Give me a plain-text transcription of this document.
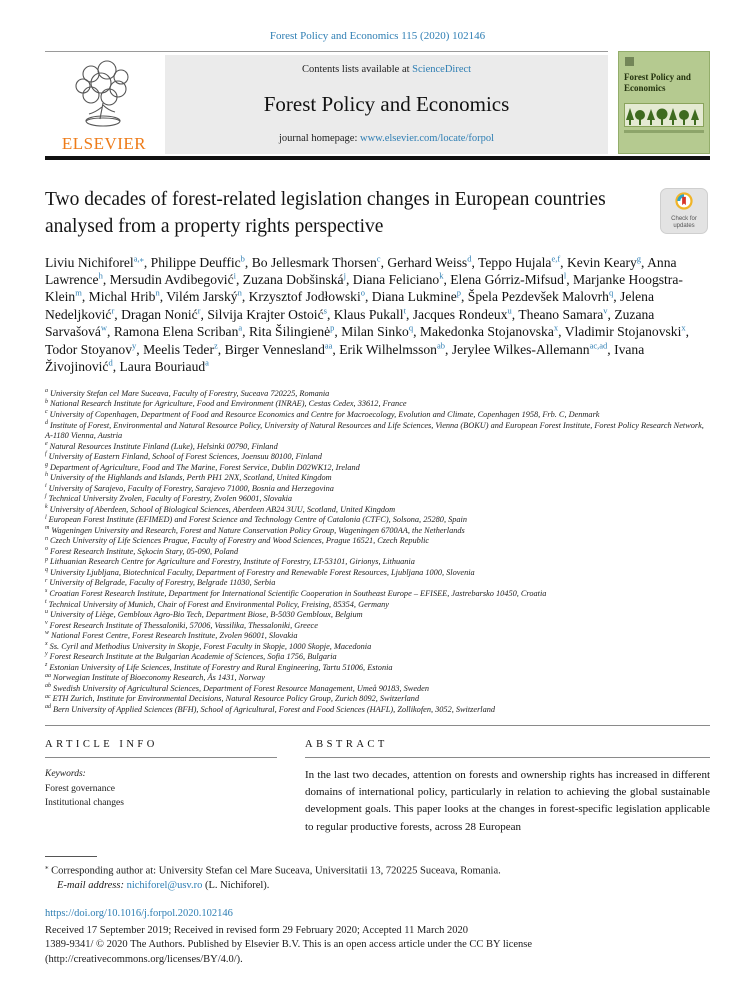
Forest Policy and Economics 115 (2020) 102146
ELSEVIER
Contents lists available at ScienceDirect
Forest Policy and Economics
journal homepage: www.elsevier.com/locate/forpol
Forest Policy and Economics
Two decades of forest-related legislation changes in European countries analysed from a property rights perspective	Check for updates

Liviu Nichiforel$^{a,⁎}$, Philippe Deuffic$^b$, Bo Jellesmark Thorsen$^c$, Gerhard Weiss$^d$, Teppo Hujala$^{e,f}$, Kevin Keary$^g$, Anna Lawrence$^h$, Mersudin Avdibegović$^i$, Zuzana Dobšinská$^j$, Diana Feliciano$^k$, Elena Górriz-Mifsud$^l$, Marjanke Hoogstra-Klein$^m$, Michal Hrib$^n$, Vilém Jarský$^n$, Krzysztof Jodłowski$^o$, Diana Lukmine$^p$, Špela Pezdevšek Malovrh$^q$, Jelena Nedeljković$^r$, Dragan Nonić$^r$, Silvija Krajter Ostoić$^s$, Klaus Pukall$^t$, Jacques Rondeux$^u$, Theano Samara$^v$, Zuzana Sarvašová$^w$, Ramona Elena Scriban$^a$, Rita Šilingienė$^p$, Milan Sinko$^q$, Makedonka Stojanovska$^x$, Vladimir Stojanovski$^x$, Todor Stoyanov$^y$, Meelis Teder$^z$, Birger Vennesland$^{aa}$, Erik Wilhelmsson$^{ab}$, Jerylee Wilkes-Allemann$^{ac,ad}$, Ivana Živojinović$^d$, Laura Bouriaud$^a$

$^a$ University Stefan cel Mare Suceava, Faculty of Forestry, Suceava 720225, Romania
$^b$ National Research Institute for Agriculture, Food and Environment (INRAE), Cestas Cedex, 33612, France
$^c$ University of Copenhagen, Department of Food and Resource Economics and Centre for Macroecology, Evolution and Climate, Copenhagen 1958, Frb. C, Denmark
$^d$ Institute of Forest, Environmental and Natural Resource Policy, University of Natural Resources and Life Sciences, Vienna (BOKU) and European Forest Institute, Forest Policy Research Network, A-1180 Vienna, Austria
$^e$ Natural Resources Institute Finland (Luke), Helsinki 00790, Finland
$^f$ University of Eastern Finland, School of Forest Sciences, Joensuu 80100, Finland
$^g$ Department of Agriculture, Food and The Marine, Forest Service, Dublin D02WK12, Ireland
$^h$ University of the Highlands and Islands, Perth PH1 2NX, Scotland, United Kingdom
$^i$ University of Sarajevo, Faculty of Forestry, Sarajevo 71000, Bosnia and Herzegovina
$^j$ Technical University Zvolen, Faculty of Forestry, Zvolen 96001, Slovakia
$^k$ University of Aberdeen, School of Biological Sciences, Aberdeen AB24 3UU, Scotland, United Kingdom
$^l$ European Forest Institute (EFIMED) and Forest Science and Technology Centre of Catalonia (CTFC), Solsona, 25280, Spain
$^m$ Wageningen University and Research, Forest and Nature Conservation Policy Group, Wageningen 6700AA, the Netherlands
$^n$ Czech University of Life Sciences Prague, Faculty of Forestry and Wood Sciences, Prague 16521, Czech Republic
$^o$ Forest Research Institute, Sękocin Stary, 05-090, Poland
$^p$ Lithuanian Research Centre for Agriculture and Forestry, Institute of Forestry, LT-53101, Girionys, Lithuania
$^q$ University Ljubljana, Biotechnical Faculty, Department of Forestry and Renewable Forest Resources, Ljubljana 1000, Slovenia
$^r$ University of Belgrade, Faculty of Forestry, Belgrade 11030, Serbia
$^s$ Croatian Forest Research Institute, Department for International Scientific Cooperation in Southeast Europe – EFISEE, Jastrebarsko 10450, Croatia
$^t$ Technical University of Munich, Chair of Forest and Environmental Policy, Freising, 85354, Germany
$^u$ University of Liège, Gembloux Agro-Bio Tech, Department Biose, B-5030 Gembloux, Belgium
$^v$ Forest Research Institute of Thessaloniki, 57006, Vassilika, Thessaloniki, Greece
$^w$ National Forest Centre, Forest Research Institute, Zvolen 96001, Slovakia
$^x$ Ss. Cyril and Methodius University in Skopje, Forest Faculty in Skopje, 1000 Skopje, Macedonia
$^y$ Forest Research Institute at the Bulgarian Academie of Sciences, Sofia 1756, Bulgaria
$^z$ Estonian University of Life Sciences, Institute of Forestry and Rural Engineering, Tartu 51006, Estonia
$^{aa}$ Norwegian Institute of Bioeconomy Research, Ås 1431, Norway
$^{ab}$ Swedish University of Agricultural Sciences, Department of Forest Resource Management, Umeå 90183, Sweden
$^{ac}$ ETH Zurich, Institute for Environmental Decisions, Natural Resource Policy Group, Zurich 8092, Switzerland
$^{ad}$ Bern University of Applied Sciences (BFH), School of Agricultural, Forest and Food Sciences (HAFL), Zollikofen, 3052, Switzerland
ARTICLE INFO
Keywords:
Forest governance
Institutional changes
ABSTRACT
In the last two decades, attention on forests and ownership rights has increased in different domains of international policy, particularly in relation to achieving the global sustainable development goals. This paper looks at the changes in forest-specific legislation applicable to regular productive forests, across 28 European
⁎ Corresponding author at: University Stefan cel Mare Suceava, Universitatii 13, 720225 Suceava, Romania.
E-mail address: nichiforel@usv.ro (L. Nichiforel).
https://doi.org/10.1016/j.forpol.2020.102146
Received 17 September 2019; Received in revised form 29 February 2020; Accepted 11 March 2020
1389-9341/ © 2020 The Authors. Published by Elsevier B.V. This is an open access article under the CC BY license
(http://creativecommons.org/licenses/BY/4.0/).
